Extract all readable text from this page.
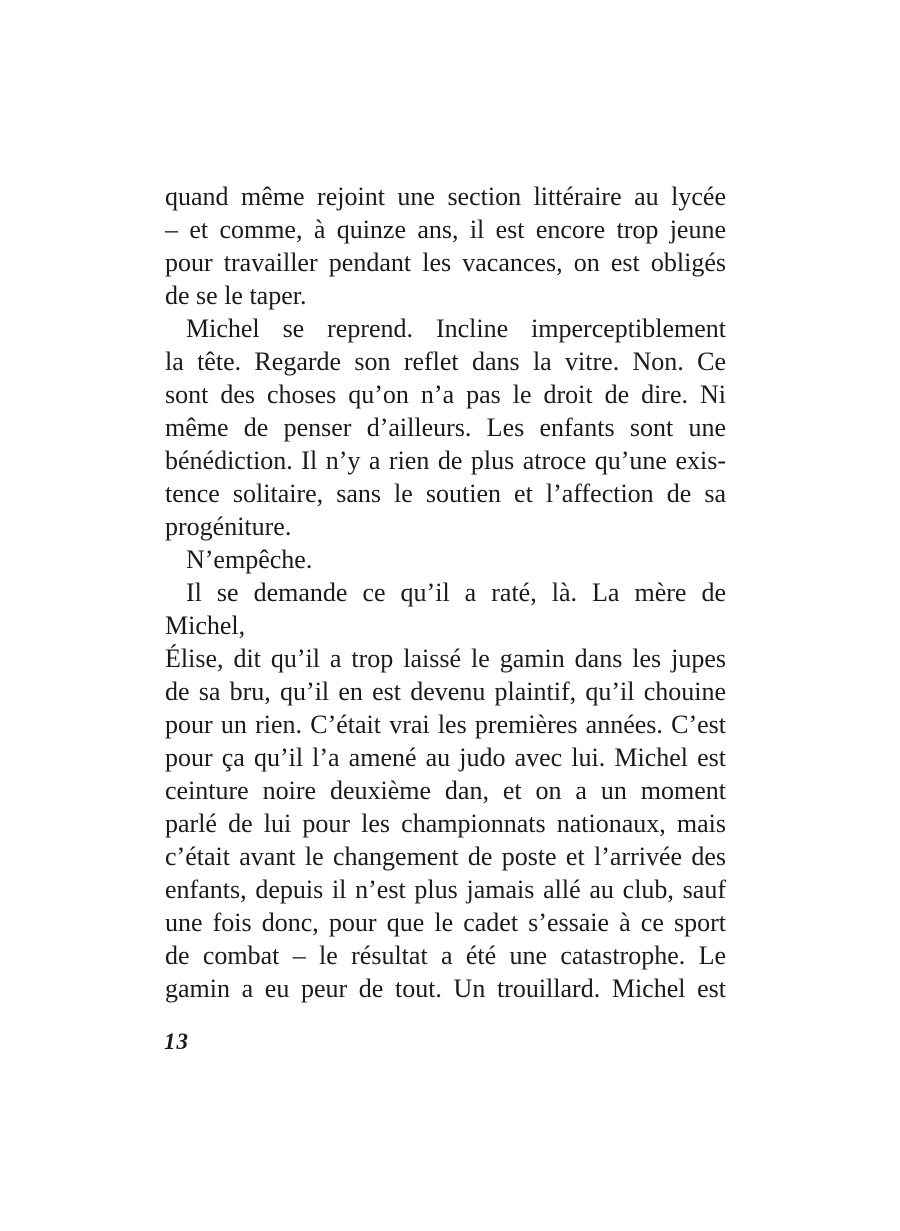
quand même rejoint une section littéraire au lycée
– et comme, à quinze ans, il est encore trop jeune
pour travailler pendant les vacances, on est obligés
de se le taper.
Michel se reprend. Incline imperceptiblement
la tête. Regarde son reflet dans la vitre. Non. Ce
sont des choses qu’on n’a pas le droit de dire. Ni
même de penser d’ailleurs. Les enfants sont une
bénédiction. Il n’y a rien de plus atroce qu’une exis-
tence solitaire, sans le soutien et l’affection de sa
progéniture.
N’empêche.
Il se demande ce qu’il a raté, là. La mère de Michel,
Élise, dit qu’il a trop laissé le gamin dans les jupes
de sa bru, qu’il en est devenu plaintif, qu’il chouine
pour un rien. C’était vrai les premières années. C’est
pour ça qu’il l’a amené au judo avec lui. Michel est
ceinture noire deuxième dan, et on a un moment
parlé de lui pour les championnats nationaux, mais
c’était avant le changement de poste et l’arrivée des
enfants, depuis il n’est plus jamais allé au club, sauf
une fois donc, pour que le cadet s’essaie à ce sport
de combat – le résultat a été une catastrophe. Le
gamin a eu peur de tout. Un trouillard. Michel est
13
